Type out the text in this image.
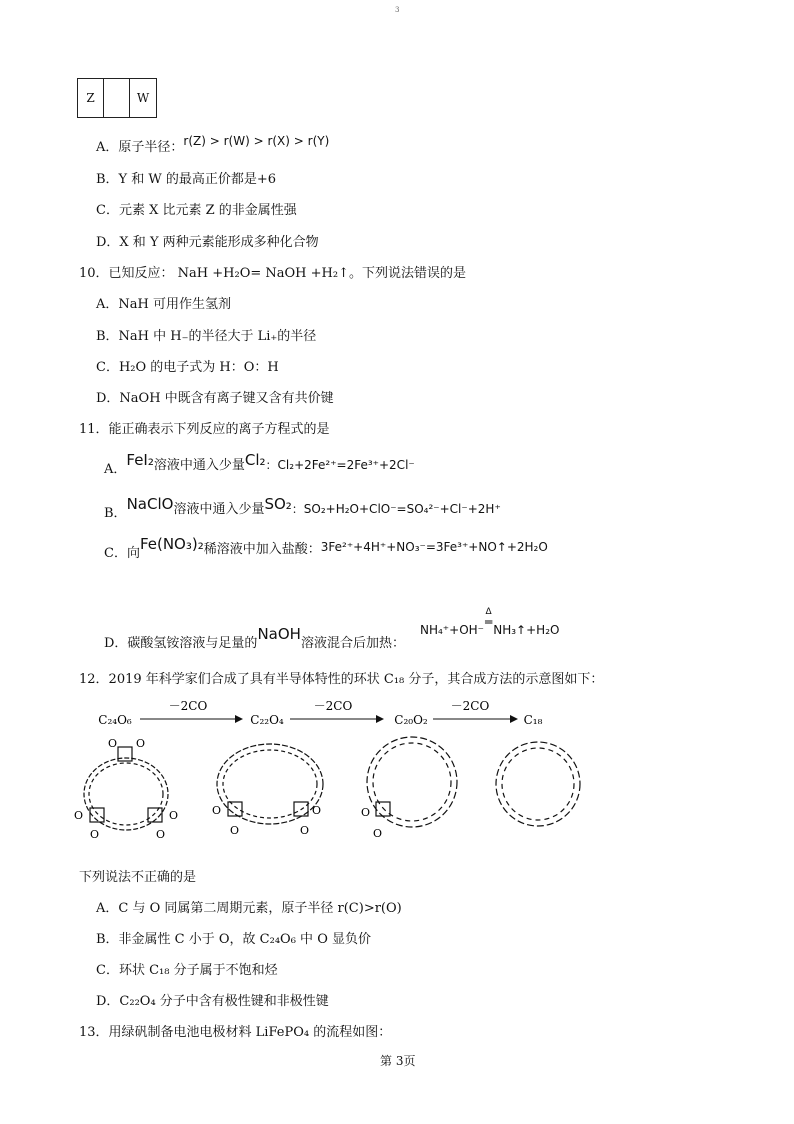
3
Z		W
A．原子半径：r(Z) > r(W) > r(X) > r(Y)
B．Y 和 W 的最高正价都是+6
C．元素 X 比元素 Z 的非金属性强
D．X 和 Y 两种元素能形成多种化合物
10．已知反应： NaH +H₂O= NaOH +H₂↑。下列说法错误的是
A．NaH 可用作生氢剂
B．NaH 中 H₋的半径大于 Li₊的半径
C．H₂O 的电子式为 H：O：H
D．NaOH 中既含有离子键又含有共价键
11．能正确表示下列反应的离子方程式的是
A．FeI₂溶液中通入少量Cl₂：Cl₂+2Fe²⁺=2Fe³⁺+2Cl⁻
B．NaClO溶液中通入少量SO₂：SO₂+H₂O+ClO⁻=SO₄²⁻+Cl⁻+2H⁺
C．向Fe(NO₃)₂稀溶液中加入盐酸：3Fe²⁺+4H⁺+NO₃⁻=3Fe³⁺+NO↑+2H₂O
D．碳酸氢铵溶液与足量的NaOH溶液混合后加热：
NH₄⁺+OH⁻
Δ
═
NH₃↑+H₂O
12．2019 年科学家们合成了具有半导体特性的环状 C₁₈ 分子，其合成方法的示意图如下：
C₂₄O₆	C₂₂O₄	C₂₀O₂	C₁₈
－2CO	－2CO	－2CO
O O
O
O	O
O	O
O	O
O	O
O
下列说法不正确的是
A．C 与 O 同属第二周期元素，原子半径 r(C)>r(O)
B．非金属性 C 小于 O，故 C₂₄O₆ 中 O 显负价
C．环状 C₁₈ 分子属于不饱和烃
D．C₂₂O₄ 分子中含有极性键和非极性键
13．用绿矾制备电池电极材料 LiFePO₄ 的流程如图：
第 3页
